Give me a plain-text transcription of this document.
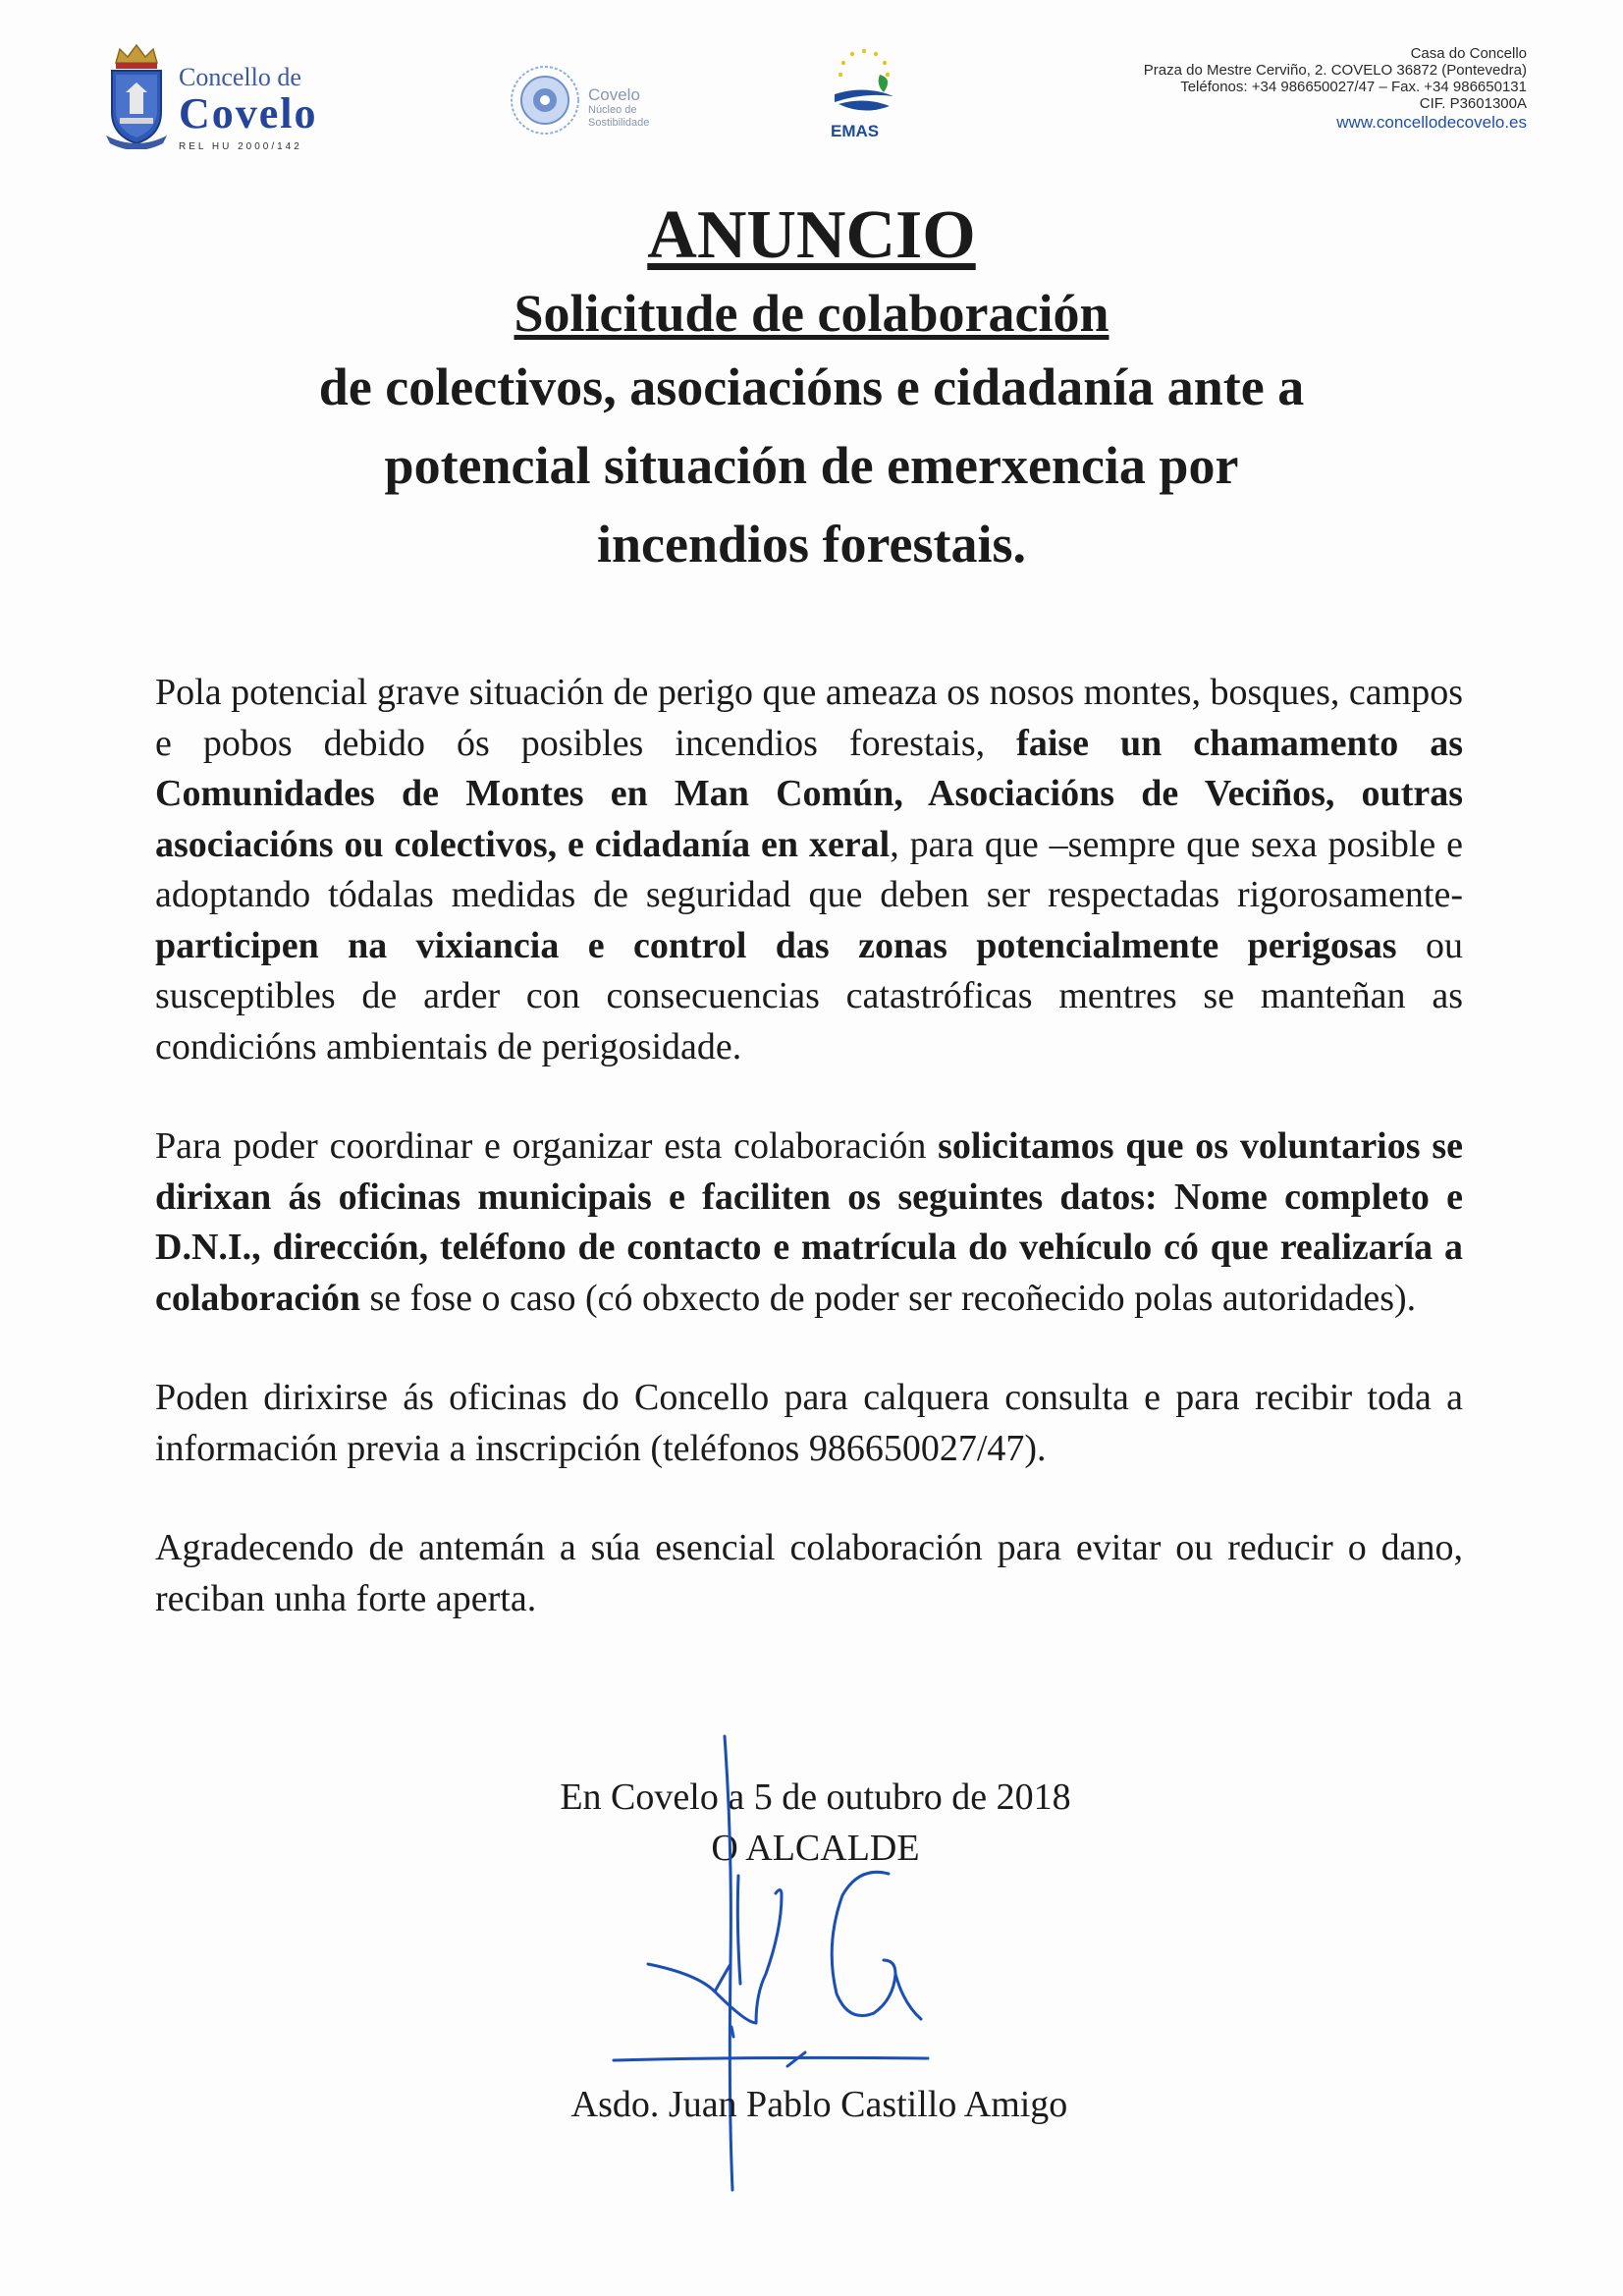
Concello de
Covelo
REL HU 2000/142
Covelo
Núcleo de
Sostibilidade	EMAS
Casa do Concello
Praza do Mestre Cerviño, 2. COVELO 36872 (Pontevedra)
Teléfonos: +34 986650027/47 – Fax. +34 986650131
CIF. P3601300A
www.concellodecovelo.es
ANUNCIO
Solicitude de colaboración
de colectivos, asociacións e cidadanía ante a
potencial situación de emerxencia por
incendios forestais.

Pola potencial grave situación de perigo que ameaza os nosos montes, bosques, campos e pobos debido ós posibles incendios forestais, faise un chamamento as Comunidades de Montes en Man Común, Asociacións de Veciños, outras asociacións ou colectivos, e cidadanía en xeral, para que –sempre que sexa posible e adoptando tódalas medidas de seguridad que deben ser respectadas rigorosamente- participen na vixiancia e control das zonas potencialmente perigosas ou susceptibles de arder con consecuencias catastróficas mentres se manteñan as condicións ambientais de perigosidade.

Para poder coordinar e organizar esta colaboración solicitamos que os voluntarios se dirixan ás oficinas municipais e faciliten os seguintes datos: Nome completo e D.N.I., dirección, teléfono de contacto e matrícula do vehículo có que realizaría a colaboración se fose o caso (có obxecto de poder ser recoñecido polas autoridades).

Poden dirixirse ás oficinas do Concello para calquera consulta e para recibir toda a información previa a inscripción (teléfonos 986650027/47).

Agradecendo de antemán a súa esencial colaboración para evitar ou reducir o dano, reciban unha forte aperta.

En Covelo a 5 de outubro de 2018
O ALCALDE
Asdo. Juan Pablo Castillo Amigo
